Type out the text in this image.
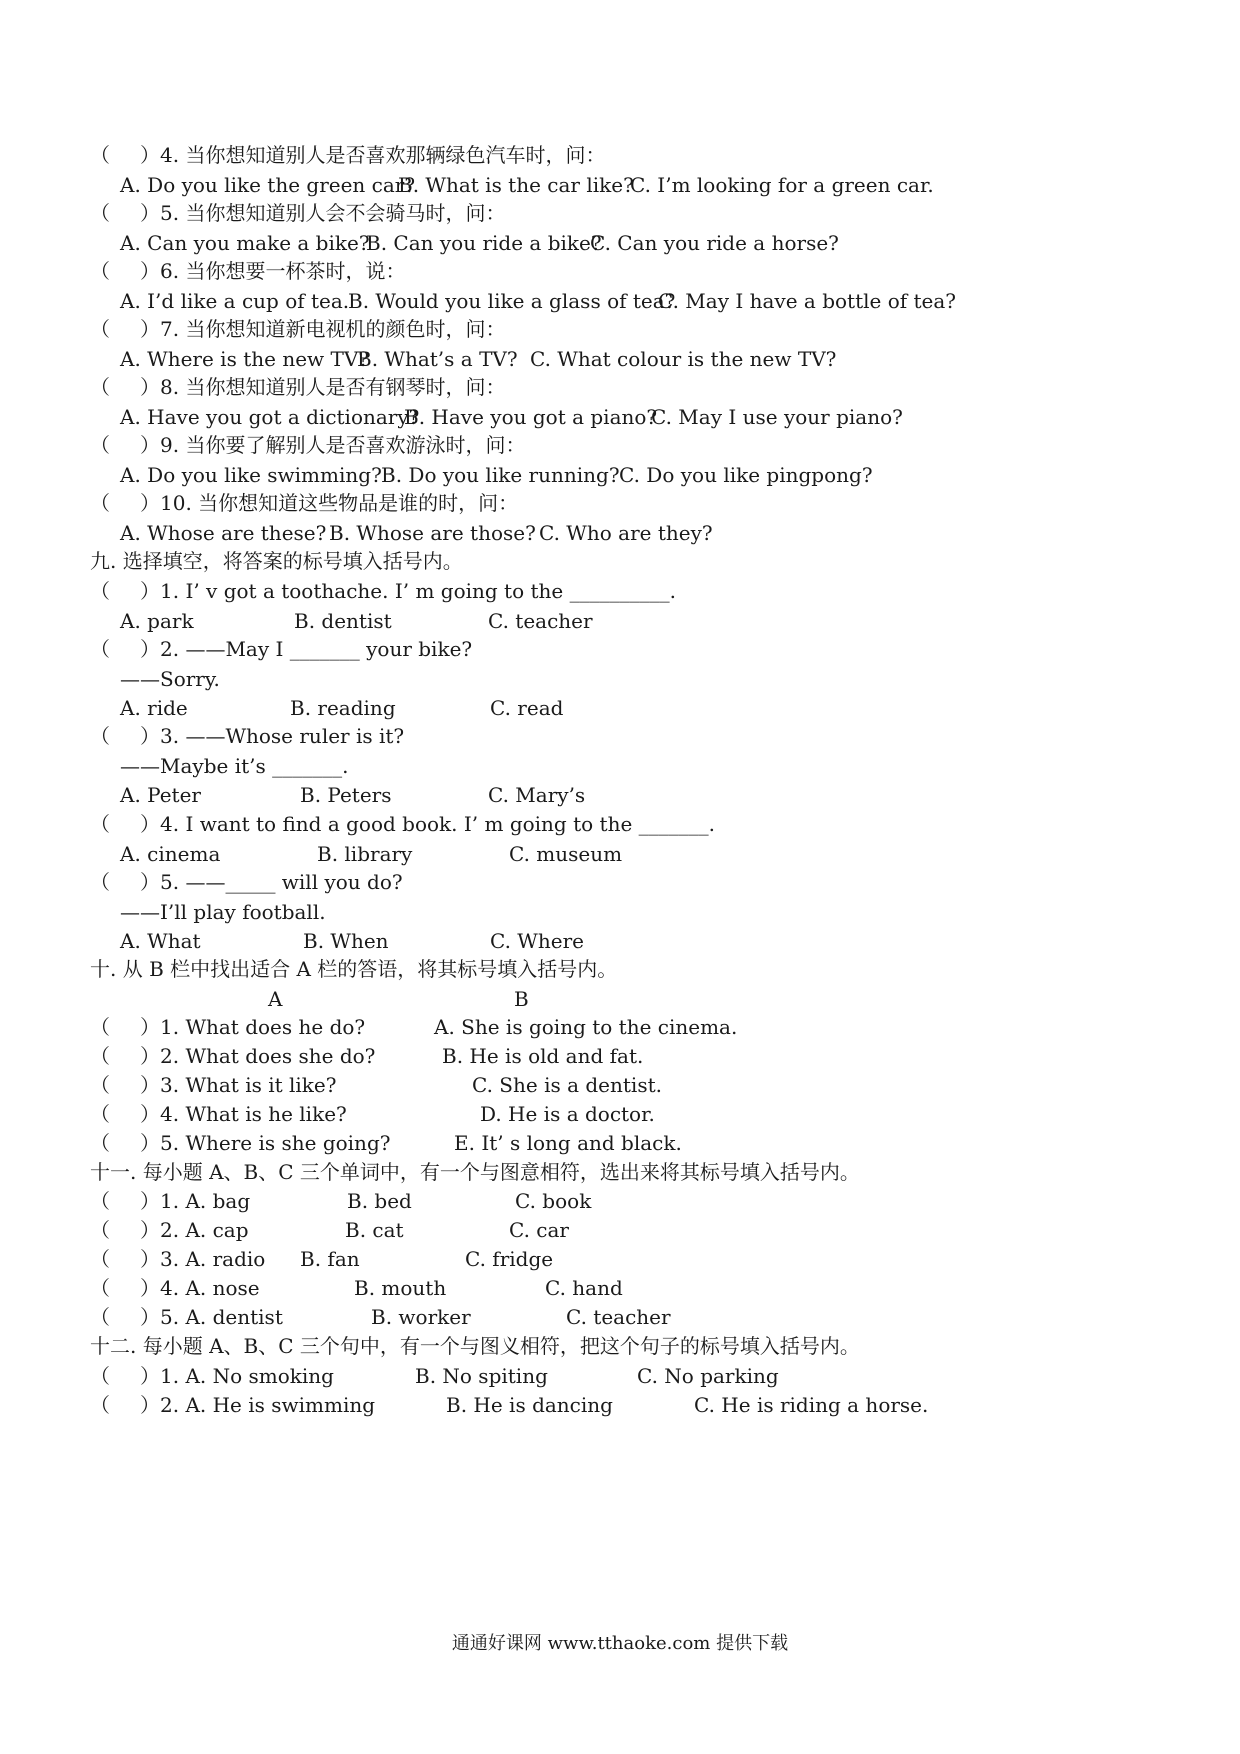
（ ）4. 当你想知道别人是否喜欢那辆绿色汽车时，问：
A. Do you like the green car?
B. What is the car like?
C. I’m looking for a green car.
（ ）5. 当你想知道别人会不会骑马时，问：
A. Can you make a bike?
B. Can you ride a bike?
C. Can you ride a horse?
（ ）6. 当你想要一杯茶时，说：
A. I’d like a cup of tea.
B. Would you like a glass of tea?
C. May I have a bottle of tea?
（ ）7. 当你想知道新电视机的颜色时，问：
A. Where is the new TV?
B. What’s a TV? C. What colour is the new TV?
（ ）8. 当你想知道别人是否有钢琴时，问：
A. Have you got a dictionary?
B. Have you got a piano?
C. May I use your piano?
（ ）9. 当你要了解别人是否喜欢游泳时，问：
A. Do you like swimming? B. Do you like running? C. Do you like pingpong?
（ ）10. 当你想知道这些物品是谁的时，问：
A. Whose are these? B. Whose are those? C. Who are they?
九. 选择填空，将答案的标号填入括号内。
（ ）1. I’ v got a toothache. I’ m going to the __________.
A. park	B. dentist	C. teacher
（ ）2. ——May I _______ your bike?
——Sorry.
A. ride	B. reading	C. read
（ ）3. ——Whose ruler is it?
——Maybe it’s _______.
A. Peter	B. Peters	C. Mary’s
（ ）4. I want to find a good book. I’ m going to the _______.
A. cinema	B. library	C. museum
（ ）5. ——_____ will you do?
——I’ll play football.
A. What	B. When	C. Where
十. 从 B 栏中找出适合 A 栏的答语，将其标号填入括号内。
A	B
（ ）1. What does he do?	A. She is going to the cinema.
（ ）2. What does she do?	B. He is old and fat.
（ ）3. What is it like?	C. She is a dentist.
（ ）4. What is he like?	D. He is a doctor.
（ ）5. Where is she going?	E. It’ s long and black.
十一. 每小题 A、B、C 三个单词中，有一个与图意相符，选出来将其标号填入括号内。
（ ）1. A. bag	B. bed	C. book
（ ）2. A. cap	B. cat	C. car
（ ）3. A. radio B. fan	C. fridge
（ ）4. A. nose	B. mouth	C. hand
（ ）5. A. dentist	B. worker	C. teacher
十二. 每小题 A、B、C 三个句中，有一个与图义相符，把这个句子的标号填入括号内。
（ ）1. A. No smoking	B. No spiting	C. No parking
（ ）2. A. He is swimming	B. He is dancing	C. He is riding a horse.
通通好课网 www.tthaoke.com 提供下载
